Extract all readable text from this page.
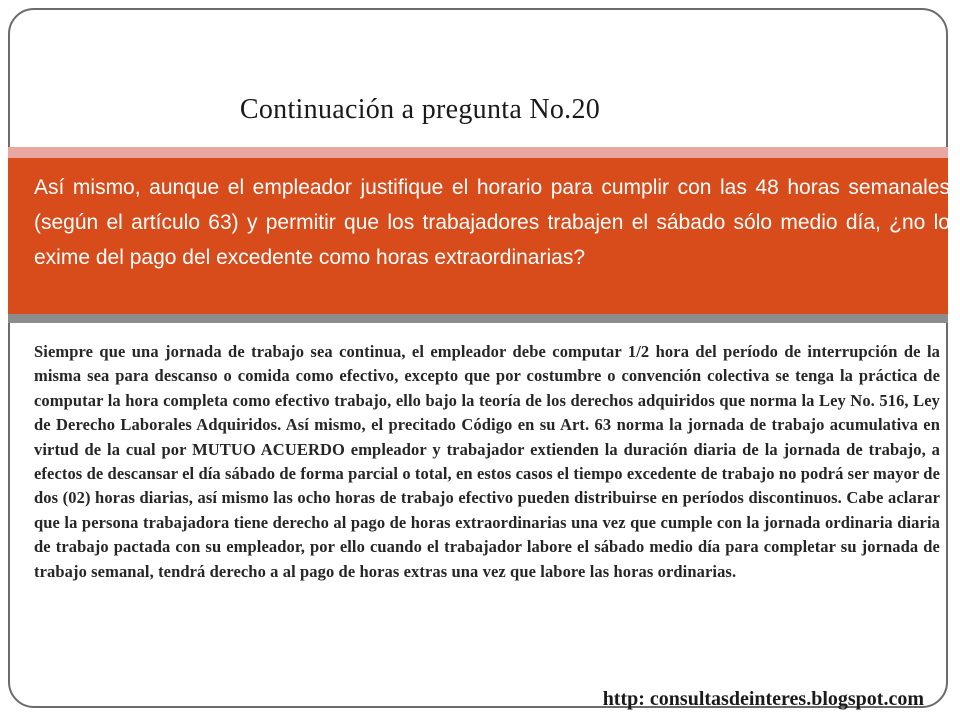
Continuación a pregunta No.20
Así mismo, aunque el empleador justifique el horario para cumplir con las 48 horas semanales (según el artículo 63) y permitir que los trabajadores trabajen el sábado sólo medio día, ¿no lo exime del pago del excedente como horas extraordinarias?
Siempre que una jornada de trabajo sea continua, el empleador debe computar 1/2 hora del período de interrupción de la misma sea para descanso o comida como efectivo, excepto que por costumbre o convención colectiva se tenga la práctica de computar la hora completa como efectivo trabajo, ello bajo la teoría de los derechos adquiridos que norma la Ley No. 516, Ley de Derecho Laborales Adquiridos. Así mismo, el precitado Código en su Art. 63 norma la jornada de trabajo acumulativa en virtud de la cual por MUTUO ACUERDO empleador y trabajador extienden la duración diaria de la jornada de trabajo, a efectos de descansar el día sábado de forma parcial o total, en estos casos el tiempo excedente de trabajo no podrá ser mayor de dos (02) horas diarias, así mismo las ocho horas de trabajo efectivo pueden distribuirse en períodos discontinuos. Cabe aclarar que la persona trabajadora tiene derecho al pago de horas extraordinarias una vez que cumple con la jornada ordinaria diaria de trabajo pactada con su empleador, por ello cuando el trabajador labore el sábado medio día para completar su jornada de trabajo semanal, tendrá derecho a al pago de horas extras una vez que labore las horas ordinarias.
http: consultasdeinteres.blogspot.com
